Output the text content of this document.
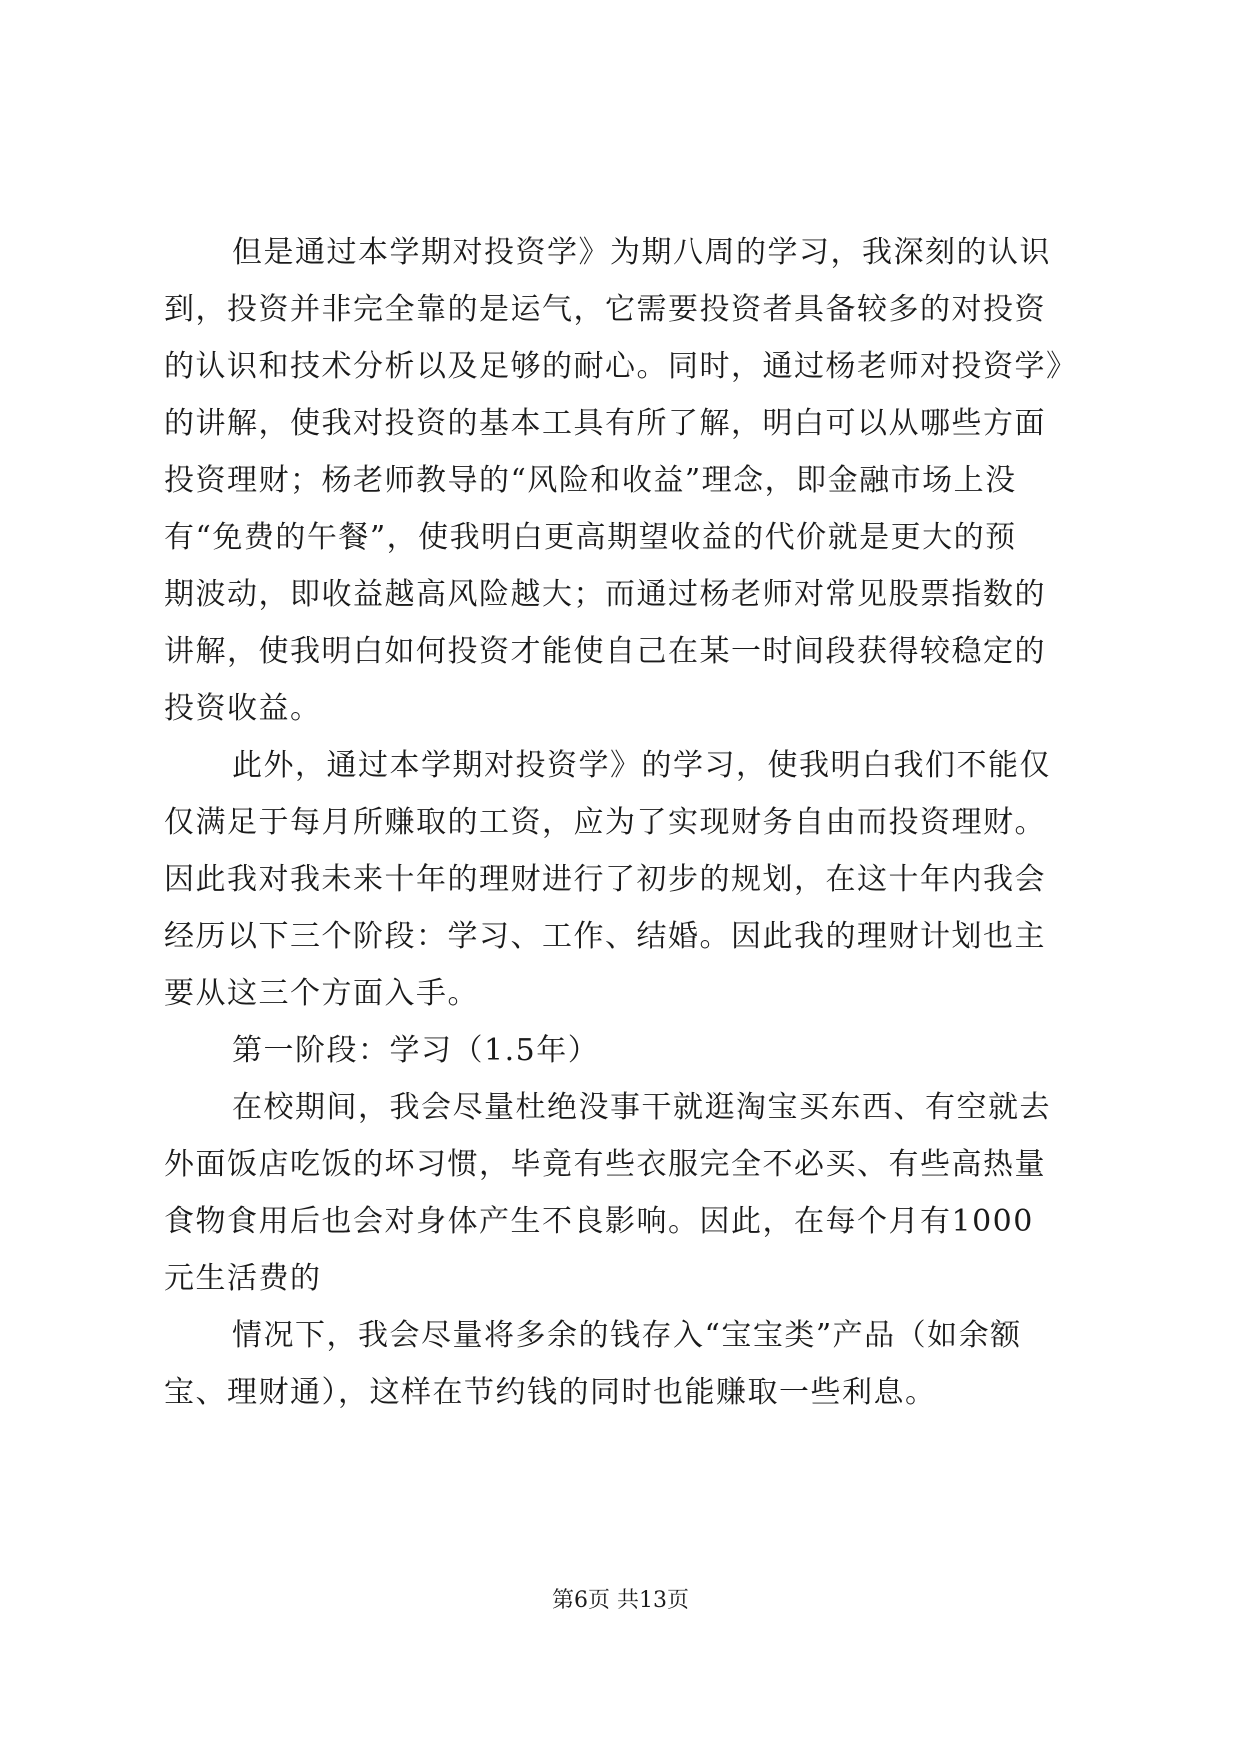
但是通过本学期对投资学》为期八周的学习，我深刻的认识
到，投资并非完全靠的是运气，它需要投资者具备较多的对投资
的认识和技术分析以及足够的耐心。同时，通过杨老师对投资学》
的讲解，使我对投资的基本工具有所了解，明白可以从哪些方面
投资理财；杨老师教导的“风险和收益”理念，即金融市场上没
有“免费的午餐”，使我明白更高期望收益的代价就是更大的预
期波动，即收益越高风险越大；而通过杨老师对常见股票指数的
讲解，使我明白如何投资才能使自己在某一时间段获得较稳定的
投资收益。
此外，通过本学期对投资学》的学习，使我明白我们不能仅
仅满足于每月所赚取的工资，应为了实现财务自由而投资理财。
因此我对我未来十年的理财进行了初步的规划，在这十年内我会
经历以下三个阶段：学习、工作、结婚。因此我的理财计划也主
要从这三个方面入手。
第一阶段：学习（1.5年）
在校期间，我会尽量杜绝没事干就逛淘宝买东西、有空就去
外面饭店吃饭的坏习惯，毕竟有些衣服完全不必买、有些高热量
食物食用后也会对身体产生不良影响。因此，在每个月有1000
元生活费的
情况下，我会尽量将多余的钱存入“宝宝类”产品（如余额
宝、理财通），这样在节约钱的同时也能赚取一些利息。
第6页 共13页
